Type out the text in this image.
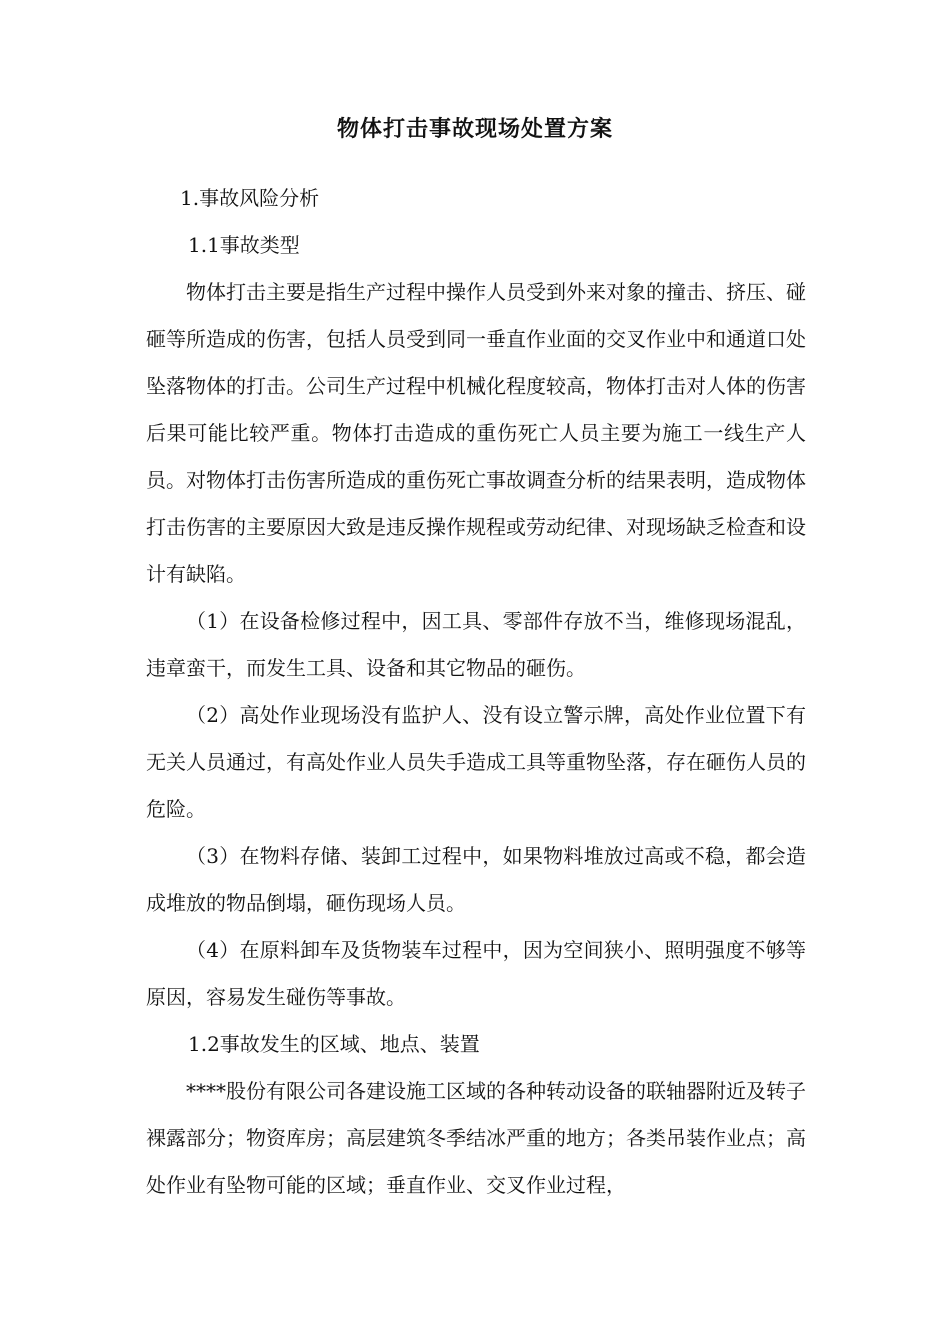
物体打击事故现场处置方案

1.事故风险分析

1.1事故类型

物体打击主要是指生产过程中操作人员受到外来对象的撞击、挤压、碰砸等所造成的伤害，包括人员受到同一垂直作业面的交叉作业中和通道口处坠落物体的打击。公司生产过程中机械化程度较高，物体打击对人体的伤害后果可能比较严重。物体打击造成的重伤死亡人员主要为施工一线生产人员。对物体打击伤害所造成的重伤死亡事故调查分析的结果表明，造成物体打击伤害的主要原因大致是违反操作规程或劳动纪律、对现场缺乏检查和设计有缺陷。

（1）在设备检修过程中，因工具、零部件存放不当，维修现场混乱，违章蛮干，而发生工具、设备和其它物品的砸伤。

（2）高处作业现场没有监护人、没有设立警示牌，高处作业位置下有无关人员通过，有高处作业人员失手造成工具等重物坠落，存在砸伤人员的危险。

（3）在物料存储、装卸工过程中，如果物料堆放过高或不稳，都会造成堆放的物品倒塌，砸伤现场人员。

（4）在原料卸车及货物装车过程中，因为空间狭小、照明强度不够等原因，容易发生碰伤等事故。

1.2事故发生的区域、地点、装置

****股份有限公司各建设施工区域的各种转动设备的联轴器附近及转子裸露部分；物资库房；高层建筑冬季结冰严重的地方；各类吊装作业点；高处作业有坠物可能的区域；垂直作业、交叉作业过程，
